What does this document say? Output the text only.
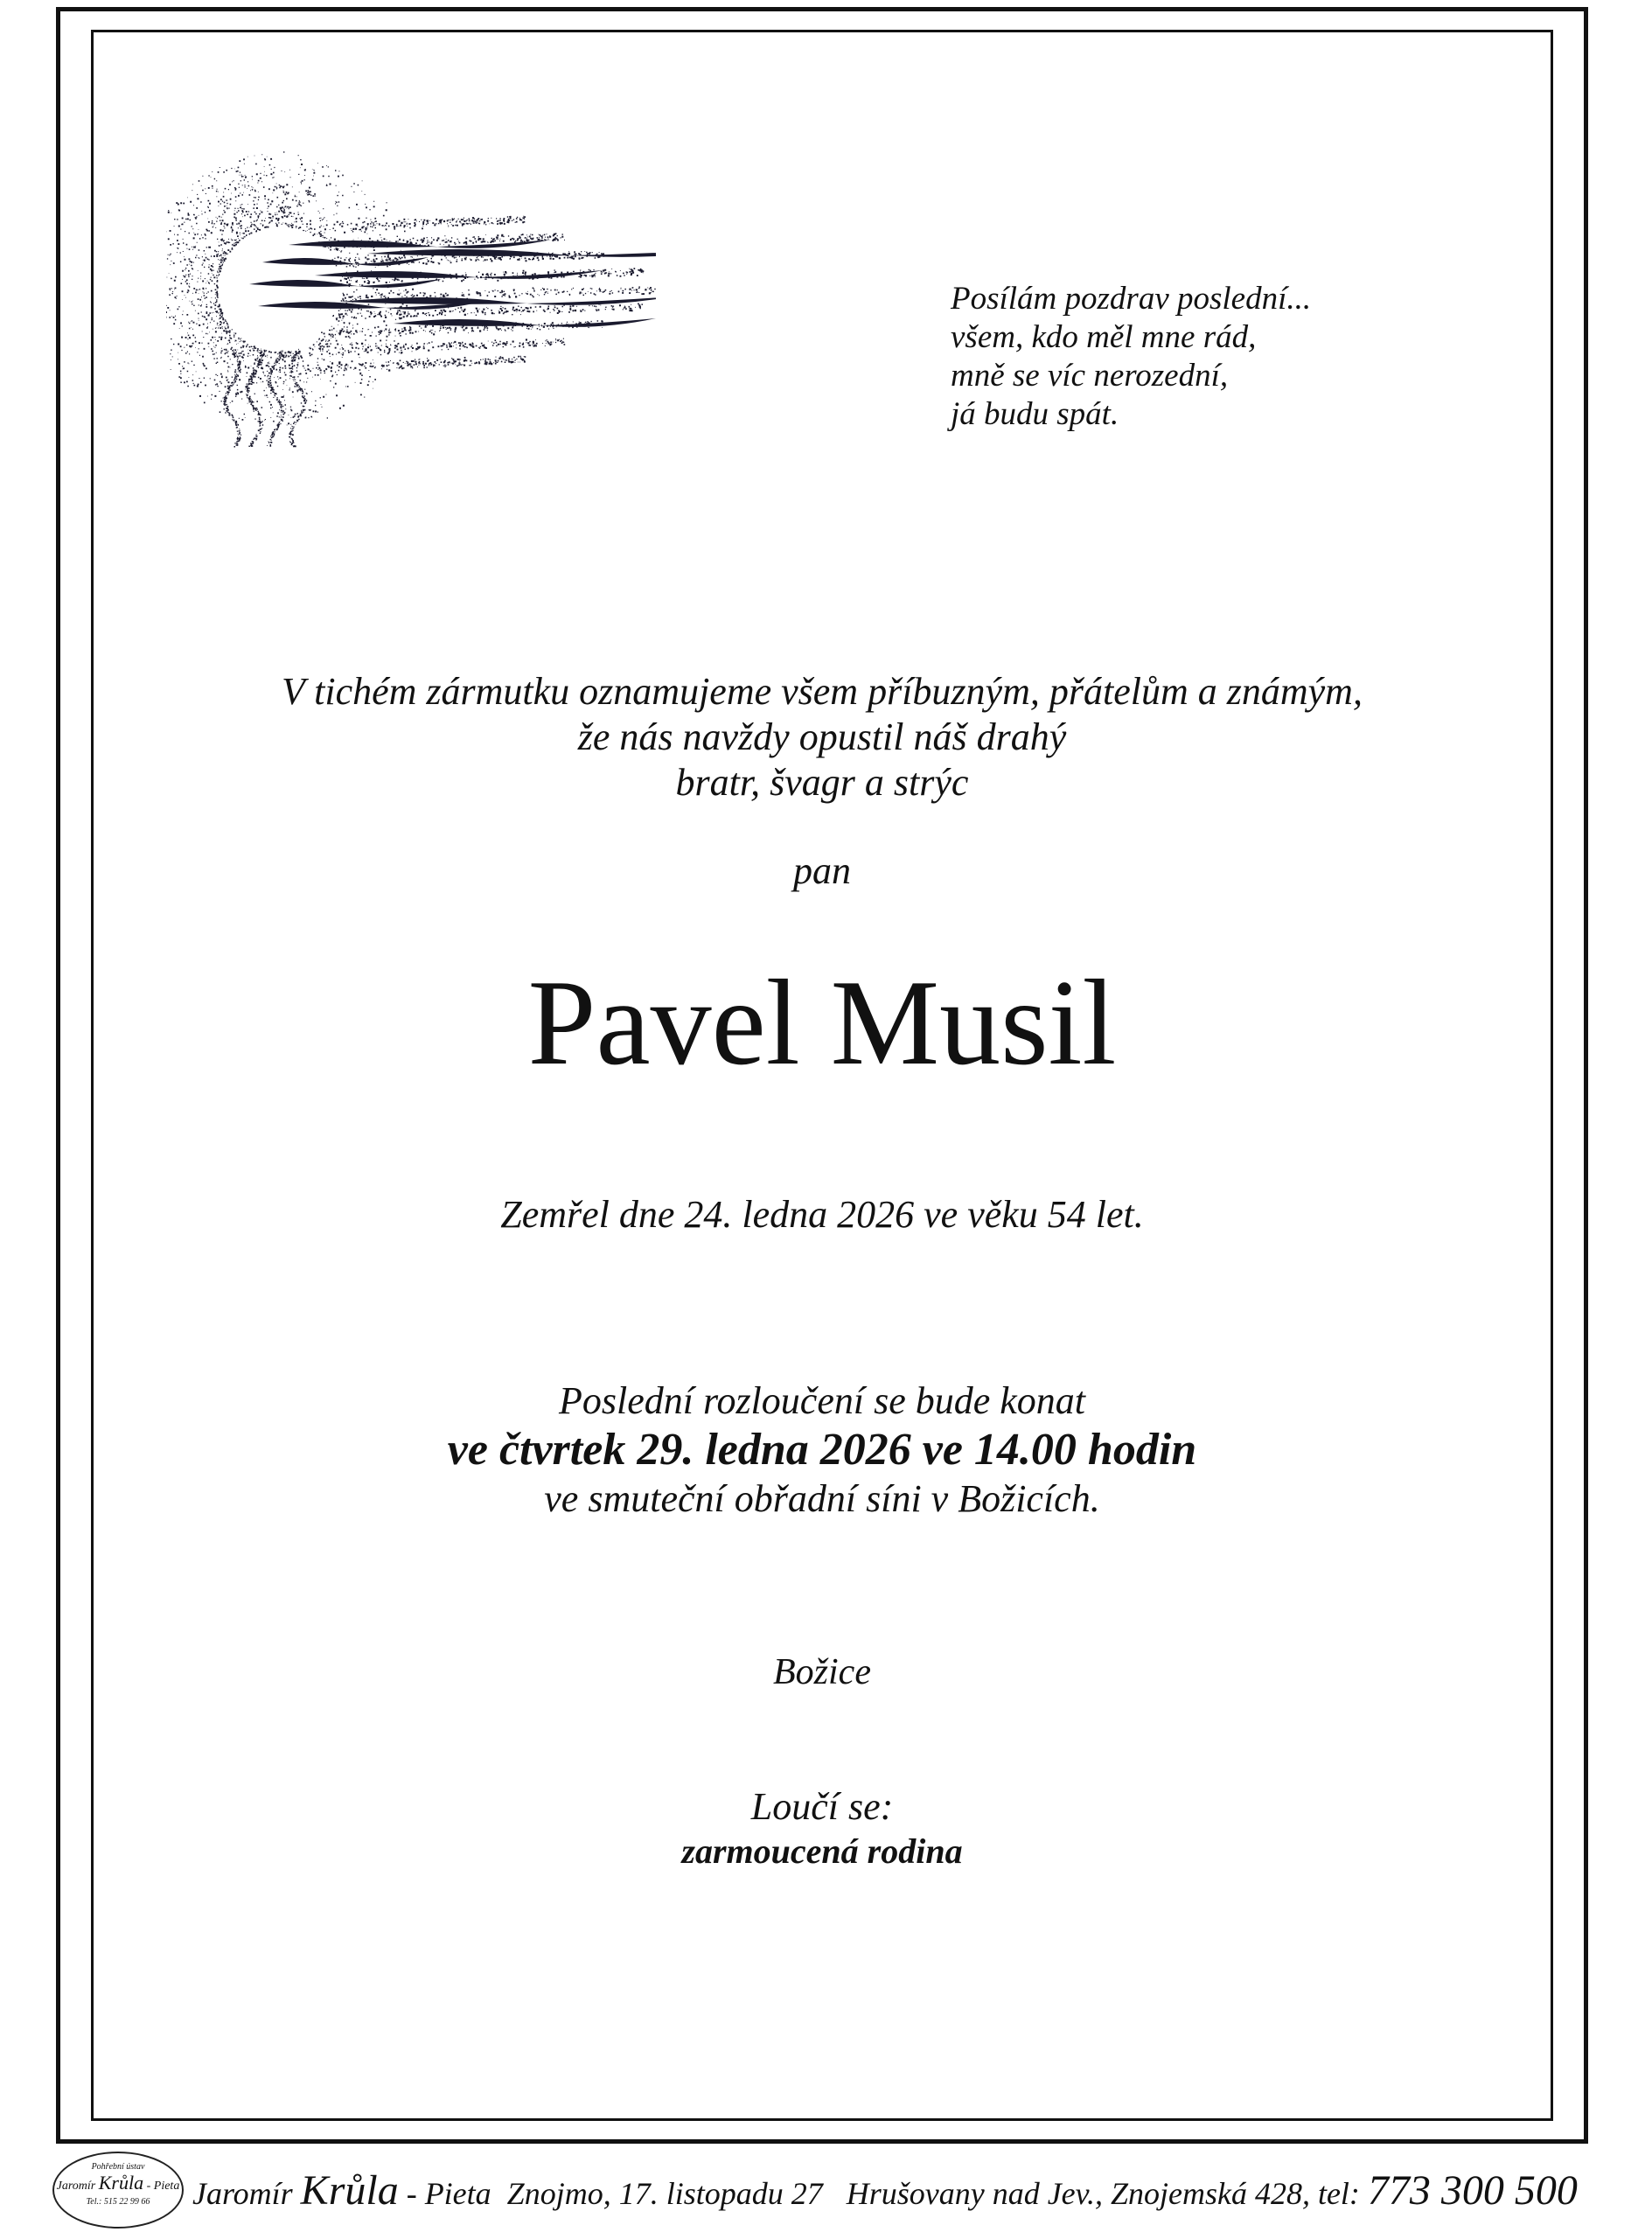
Posílám pozdrav poslední...
všem, kdo měl mne rád,
mně se víc nerozední,
já budu spát.
V tichém zármutku oznamujeme všem příbuzným, přátelům a známým,
že nás navždy opustil náš drahý
bratr, švagr a strýc
pan
Pavel Musil
Zemřel dne 24. ledna 2026 ve věku 54 let.
Poslední rozloučení se bude konat
ve čtvrtek 29. ledna 2026 ve 14.00 hodin
ve smuteční obřadní síni v Božicích.
Božice
Loučí se:
zarmoucená rodina
Pohřební ústav
Jaromír Krůla - Pieta
Tel.: 515 22 99 66	Jaromír Krůla - Pieta Znojmo, 17. listopadu 27 Hrušovany nad Jev., Znojemská 428, tel: 773 300 500
